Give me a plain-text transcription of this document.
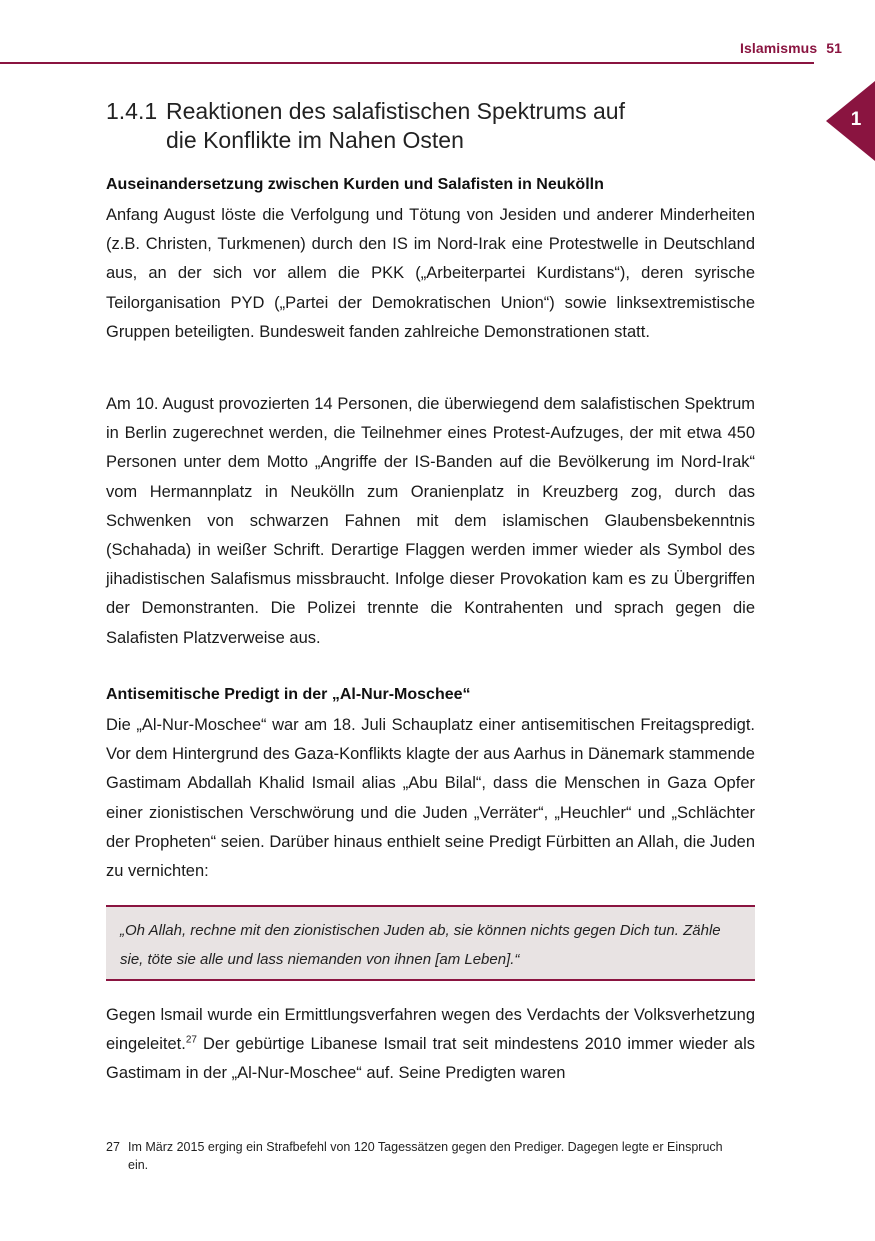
Islamismus 51
1
1.4.1 Reaktionen des salafistischen Spektrums auf
die Konflikte im Nahen Osten
Auseinandersetzung zwischen Kurden und Salafisten in Neukölln

Anfang August löste die Verfolgung und Tötung von Jesiden und anderer Minderheiten (z.B. Christen, Turkmenen) durch den IS im Nord-Irak eine Protestwelle in Deutschland aus, an der sich vor allem die PKK („Arbeiterpartei Kurdistans“), deren syrische Teilorganisation PYD („Partei der Demokratischen Union“) sowie linksextremistische Gruppen beteiligten. Bundesweit fanden zahlreiche Demonstrationen statt.

Am 10. August provozierten 14 Personen, die überwiegend dem salafistischen Spektrum in Berlin zugerechnet werden, die Teilnehmer eines Protest-Aufzuges, der mit etwa 450 Personen unter dem Motto „Angriffe der IS-Banden auf die Bevölkerung im Nord-Irak“ vom Hermannplatz in Neukölln zum Oranienplatz in Kreuzberg zog, durch das Schwenken von schwarzen Fahnen mit dem islamischen Glaubensbekenntnis (Schahada) in weißer Schrift. Derartige Flaggen werden immer wieder als Symbol des jihadistischen Salafismus missbraucht. Infolge dieser Provokation kam es zu Übergriffen der Demonstranten. Die Polizei trennte die Kontrahenten und sprach gegen die Salafisten Platzverweise aus.

Antisemitische Predigt in der „Al-Nur-Moschee“

Die „Al-Nur-Moschee“ war am 18. Juli Schauplatz einer antisemitischen Freitagspredigt. Vor dem Hintergrund des Gaza-Konflikts klagte der aus Aarhus in Dänemark stammende Gastimam Abdallah Khalid Ismail alias „Abu Bilal“, dass die Menschen in Gaza Opfer einer zionistischen Verschwörung und die Juden „Verräter“, „Heuchler“ und „Schlächter der Propheten“ seien. Darüber hinaus enthielt seine Predigt Fürbitten an Allah, die Juden zu vernichten:

„Oh Allah, rechne mit den zionistischen Juden ab, sie können nichts gegen Dich tun. Zähle sie, töte sie alle und lass niemanden von ihnen [am Leben].“

Gegen lsmail wurde ein Ermittlungsverfahren wegen des Verdachts der Volksverhetzung eingeleitet.$^{27}$ Der gebürtige Libanese Ismail trat seit mindestens 2010 immer wieder als Gastimam in der „Al-Nur-Moschee“ auf. Seine Predigten waren

27 Im März 2015 erging ein Strafbefehl von 120 Tagessätzen gegen den Prediger. Dagegen legte er Einspruch ein.
